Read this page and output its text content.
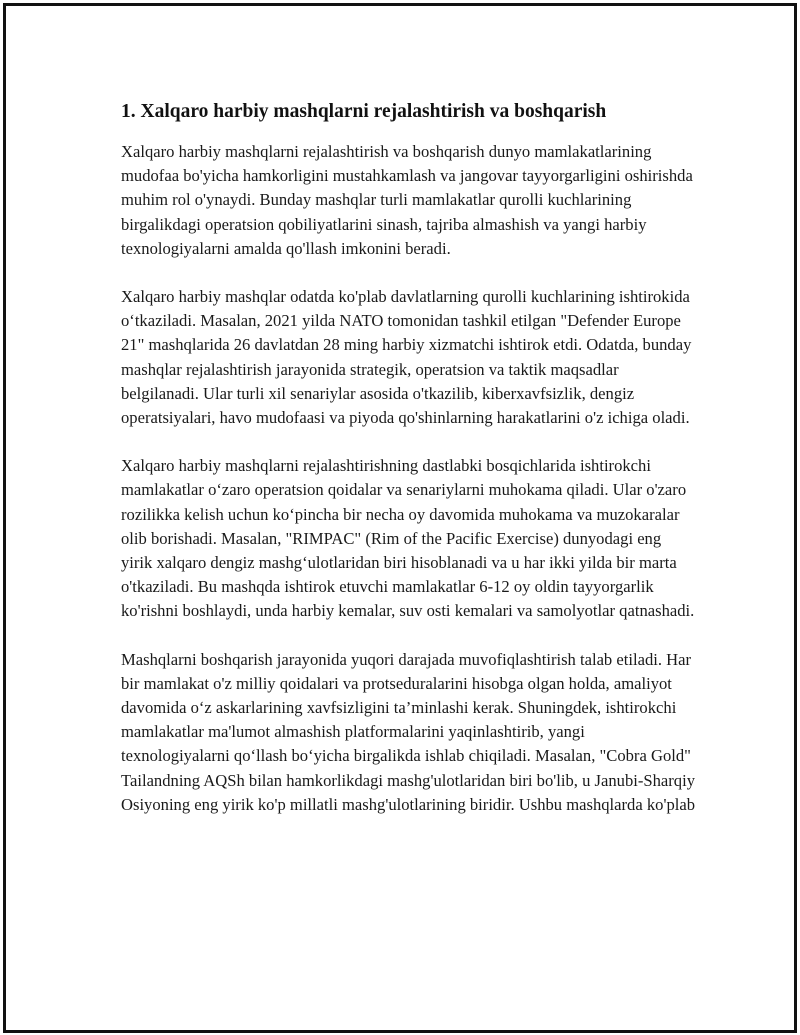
1. Xalqaro harbiy mashqlarni rejalashtirish va boshqarish

Xalqaro harbiy mashqlarni rejalashtirish va boshqarish dunyo mamlakatlarining mudofaa bo'yicha hamkorligini mustahkamlash va jangovar tayyorgarligini oshirishda muhim rol o'ynaydi. Bunday mashqlar turli mamlakatlar qurolli kuchlarining birgalikdagi operatsion qobiliyatlarini sinash, tajriba almashish va yangi harbiy texnologiyalarni amalda qo'llash imkonini beradi.

Xalqaro harbiy mashqlar odatda ko'plab davlatlarning qurolli kuchlarining ishtirokida o‘tkaziladi. Masalan, 2021 yilda NATO tomonidan tashkil etilgan "Defender Europe 21" mashqlarida 26 davlatdan 28 ming harbiy xizmatchi ishtirok etdi. Odatda, bunday mashqlar rejalashtirish jarayonida strategik, operatsion va taktik maqsadlar belgilanadi. Ular turli xil senariylar asosida o'tkazilib, kiberxavfsizlik, dengiz operatsiyalari, havo mudofaasi va piyoda qo'shinlarning harakatlarini o'z ichiga oladi.

Xalqaro harbiy mashqlarni rejalashtirishning dastlabki bosqichlarida ishtirokchi mamlakatlar o‘zaro operatsion qoidalar va senariylarni muhokama qiladi. Ular o'zaro rozilikka kelish uchun ko‘pincha bir necha oy davomida muhokama va muzokaralar olib borishadi. Masalan, "RIMPAC" (Rim of the Pacific Exercise) dunyodagi eng yirik xalqaro dengiz mashg‘ulotlaridan biri hisoblanadi va u har ikki yilda bir marta o'tkaziladi. Bu mashqda ishtirok etuvchi mamlakatlar 6-12 oy oldin tayyorgarlik ko'rishni boshlaydi, unda harbiy kemalar, suv osti kemalari va samolyotlar qatnashadi.

Mashqlarni boshqarish jarayonida yuqori darajada muvofiqlashtirish talab etiladi. Har bir mamlakat o'z milliy qoidalari va protseduralarini hisobga olgan holda, amaliyot davomida o‘z askarlarining xavfsizligini ta’minlashi kerak. Shuningdek, ishtirokchi mamlakatlar ma'lumot almashish platformalarini yaqinlashtirib, yangi texnologiyalarni qo‘llash bo‘yicha birgalikda ishlab chiqiladi. Masalan, "Cobra Gold" Tailandning AQSh bilan hamkorlikdagi mashg'ulotlaridan biri bo'lib, u Janubi-Sharqiy Osiyoning eng yirik ko'p millatli mashg'ulotlarining biridir. Ushbu mashqlarda ko'plab
